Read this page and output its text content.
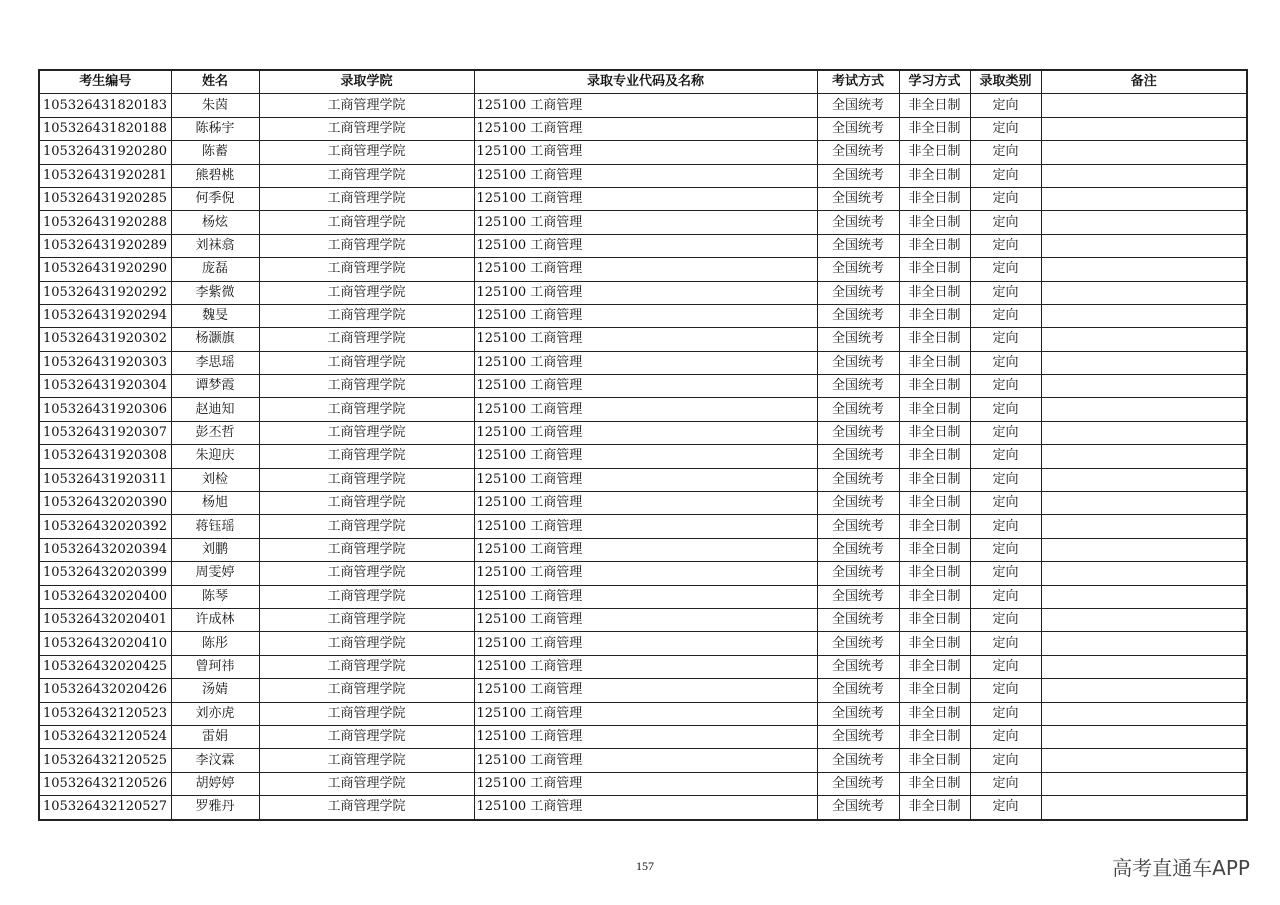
考生编号	姓名	录取学院	录取专业代码及名称	考试方式	学习方式	录取类别	备注
105326431820183	朱茵	工商管理学院	125100 工商管理	全国统考	非全日制	定向	
105326431820188	陈秭宇	工商管理学院	125100 工商管理	全国统考	非全日制	定向	
105326431920280	陈蓄	工商管理学院	125100 工商管理	全国统考	非全日制	定向	
105326431920281	熊碧桃	工商管理学院	125100 工商管理	全国统考	非全日制	定向	
105326431920285	何季倪	工商管理学院	125100 工商管理	全国统考	非全日制	定向	
105326431920288	杨炫	工商管理学院	125100 工商管理	全国统考	非全日制	定向	
105326431920289	刘袜翕	工商管理学院	125100 工商管理	全国统考	非全日制	定向	
105326431920290	庞磊	工商管理学院	125100 工商管理	全国统考	非全日制	定向	
105326431920292	李紫微	工商管理学院	125100 工商管理	全国统考	非全日制	定向	
105326431920294	魏旻	工商管理学院	125100 工商管理	全国统考	非全日制	定向	
105326431920302	杨灏旗	工商管理学院	125100 工商管理	全国统考	非全日制	定向	
105326431920303	李思瑶	工商管理学院	125100 工商管理	全国统考	非全日制	定向	
105326431920304	谭梦霞	工商管理学院	125100 工商管理	全国统考	非全日制	定向	
105326431920306	赵迪知	工商管理学院	125100 工商管理	全国统考	非全日制	定向	
105326431920307	彭丕哲	工商管理学院	125100 工商管理	全国统考	非全日制	定向	
105326431920308	朱迎庆	工商管理学院	125100 工商管理	全国统考	非全日制	定向	
105326431920311	刘检	工商管理学院	125100 工商管理	全国统考	非全日制	定向	
105326432020390	杨旭	工商管理学院	125100 工商管理	全国统考	非全日制	定向	
105326432020392	蒋钰瑶	工商管理学院	125100 工商管理	全国统考	非全日制	定向	
105326432020394	刘鹏	工商管理学院	125100 工商管理	全国统考	非全日制	定向	
105326432020399	周雯婷	工商管理学院	125100 工商管理	全国统考	非全日制	定向	
105326432020400	陈琴	工商管理学院	125100 工商管理	全国统考	非全日制	定向	
105326432020401	许成林	工商管理学院	125100 工商管理	全国统考	非全日制	定向	
105326432020410	陈彤	工商管理学院	125100 工商管理	全国统考	非全日制	定向	
105326432020425	曾珂祎	工商管理学院	125100 工商管理	全国统考	非全日制	定向	
105326432020426	汤婧	工商管理学院	125100 工商管理	全国统考	非全日制	定向	
105326432120523	刘亦虎	工商管理学院	125100 工商管理	全国统考	非全日制	定向	
105326432120524	雷娟	工商管理学院	125100 工商管理	全国统考	非全日制	定向	
105326432120525	李汶霖	工商管理学院	125100 工商管理	全国统考	非全日制	定向	
105326432120526	胡婷婷	工商管理学院	125100 工商管理	全国统考	非全日制	定向	
105326432120527	罗雅丹	工商管理学院	125100 工商管理	全国统考	非全日制	定向	
157	高考直通车APP
